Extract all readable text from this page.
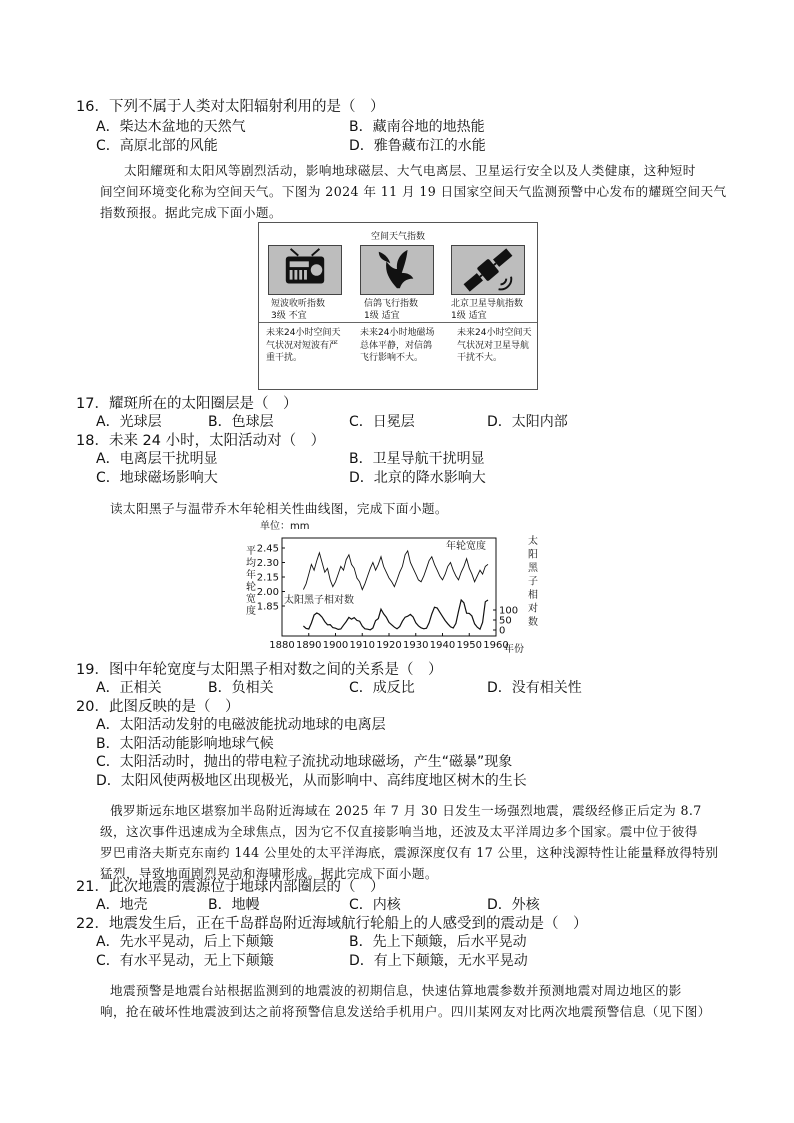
16．下列不属于人类对太阳辐射利用的是（　）
A．柴达木盆地的天然气	B．藏南谷地的地热能
C．高原北部的风能	D．雅鲁藏布江的水能
太阳耀斑和太阳风等剧烈活动，影响地球磁层、大气电离层、卫星运行安全以及人类健康，这种短时
间空间环境变化称为空间天气。下图为 2024 年 11 月 19 日国家空间天气监测预警中心发布的耀斑空间天气
指数预报。据此完成下面小题。
空间天气指数
短波收听指数
3级 不宜
信鸽飞行指数
1级 适宜
北京卫星导航指数
1级 适宜
未来24小时空间天气状况对短波有严重干扰。
未来24小时地磁场总体平静，对信鸽飞行影响不大。
未来24小时空间天气状况对卫星导航干扰不大。
17．耀斑所在的太阳圈层是（　）
A．光球层	B．色球层	C．日冕层	D．太阳内部
18．未来 24 小时，太阳活动对（　）
A．电离层干扰明显	B．卫星导航干扰明显
C．地球磁场影响大	D．北京的降水影响大
读太阳黑子与温带乔木年轮相关性曲线图，完成下面小题。
单位：mm
平
均
年
轮
宽
度
太
阳
黑
子
相
对
数
2.45
2.30
2.15
2.00
1.85	100
50
0
1880 1890 1900 1910 1920 1930 1940 1950 1960
年份
年轮宽度
太阳黑子相对数
19．图中年轮宽度与太阳黑子相对数之间的关系是（　）
A．正相关	B．负相关	C．成反比	D．没有相关性
20．此图反映的是（　）
A．太阳活动发射的电磁波能扰动地球的电离层
B．太阳活动能影响地球气候
C．太阳活动时，抛出的带电粒子流扰动地球磁场，产生“磁暴”现象
D．太阳风使两极地区出现极光，从而影响中、高纬度地区树木的生长
俄罗斯远东地区堪察加半岛附近海域在 2025 年 7 月 30 日发生一场强烈地震，震级经修正后定为 8.7
级，这次事件迅速成为全球焦点，因为它不仅直接影响当地，还波及太平洋周边多个国家。震中位于彼得
罗巴甫洛夫斯克东南约 144 公里处的太平洋海底，震源深度仅有 17 公里，这种浅源特性让能量释放得特别
猛烈，导致地面剧烈晃动和海啸形成。据此完成下面小题。
21．此次地震的震源位于地球内部圈层的（　）
A．地壳	B．地幔	C．内核	D．外核
22．地震发生后，正在千岛群岛附近海域航行轮船上的人感受到的震动是（　）
A．先水平晃动，后上下颠簸	B．先上下颠簸，后水平晃动
C．有水平晃动，无上下颠簸	D．有上下颠簸，无水平晃动
地震预警是地震台站根据监测到的地震波的初期信息，快速估算地震参数并预测地震对周边地区的影
响，抢在破坏性地震波到达之前将预警信息发送给手机用户。四川某网友对比两次地震预警信息（见下图）
